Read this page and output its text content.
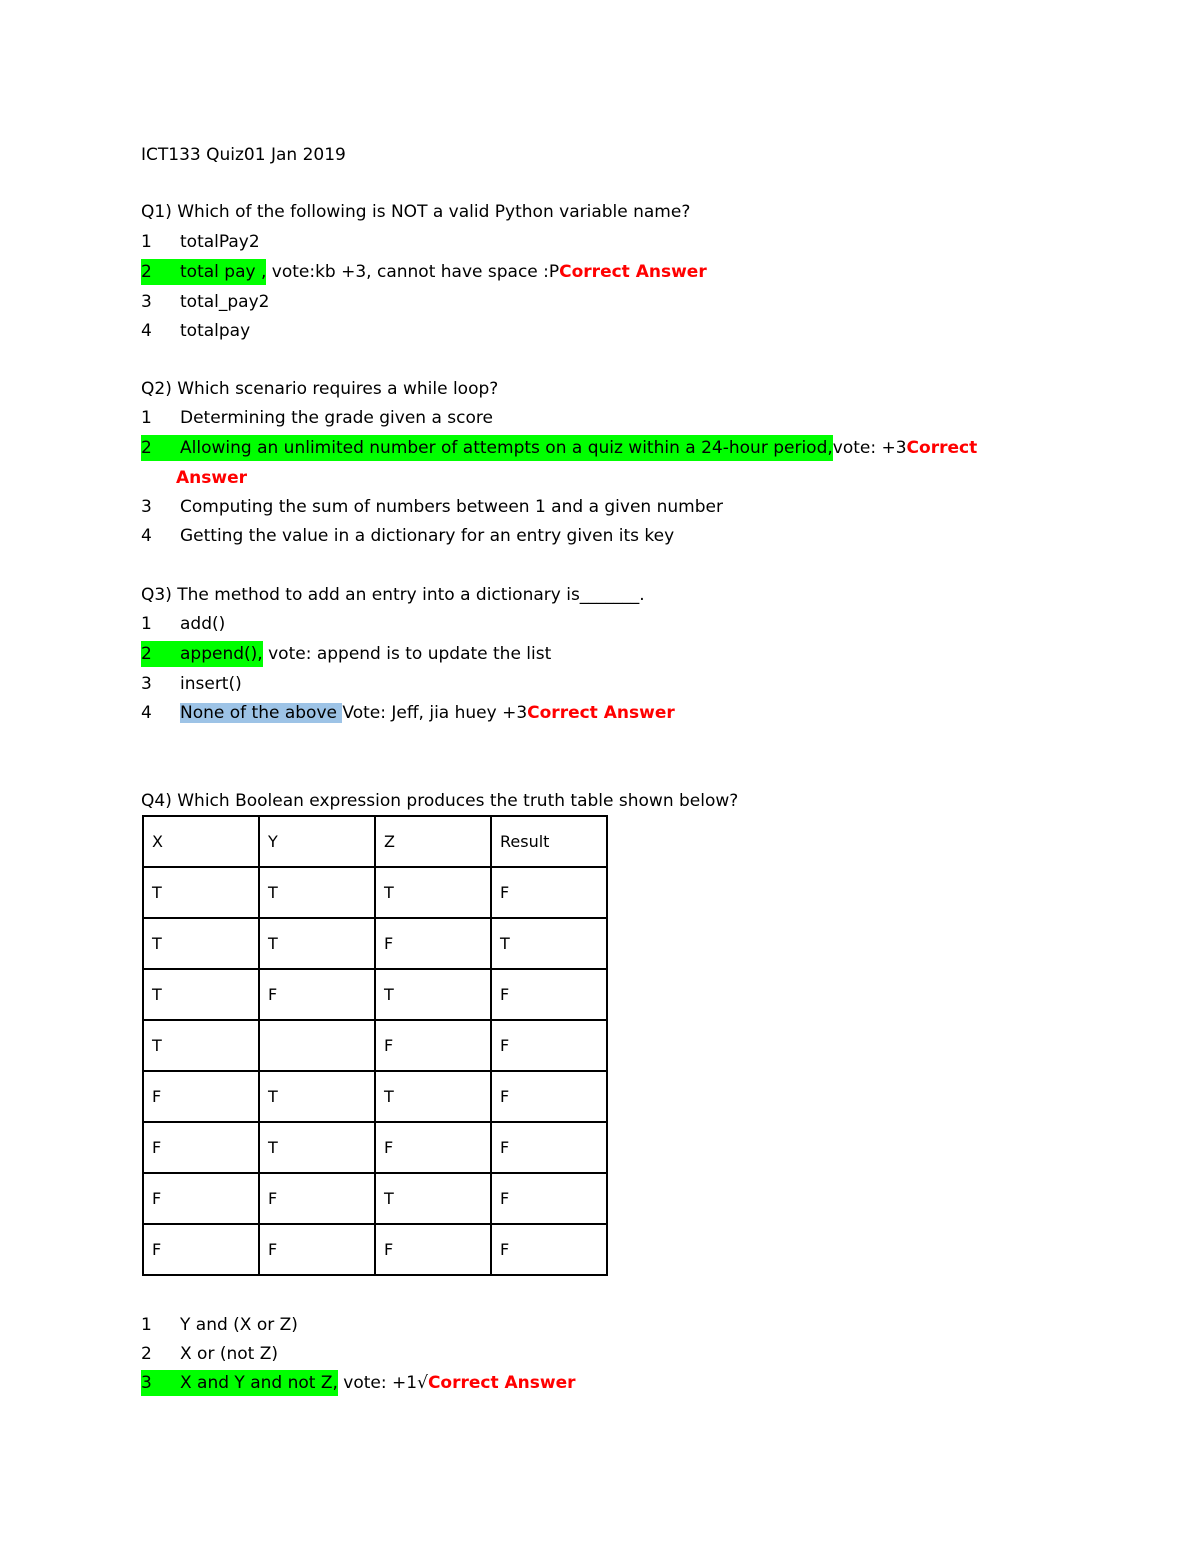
ICT133 Quiz01 Jan 2019
Q1) Which of the following is NOT a valid Python variable name?
1 totalPay2
2 total pay , vote:kb +3, cannot have space :PCorrect Answer
3 total_pay2
4 totalpay
Q2) Which scenario requires a while loop?
1 Determining the grade given a score
2 Allowing an unlimited number of attempts on a quiz within a 24-hour period,vote: +3Correct
Answer
3 Computing the sum of numbers between 1 and a given number
4 Getting the value in a dictionary for an entry given its key
Q3) The method to add an entry into a dictionary is_______.
1 add()
2 append(), vote: append is to update the list
3 insert()
4 None of the above Vote: Jeff, jia huey +3Correct Answer
Q4) Which Boolean expression produces the truth table shown below?
X	Y	Z	Result
T	T	T	F
T	T	F	T
T	F	T	F
T		F	F
F	T	T	F
F	T	F	F
F	F	T	F
F	F	F	F
1 Y and (X or Z)
2 X or (not Z)
3 X and Y and not Z, vote: +1√Correct Answer
